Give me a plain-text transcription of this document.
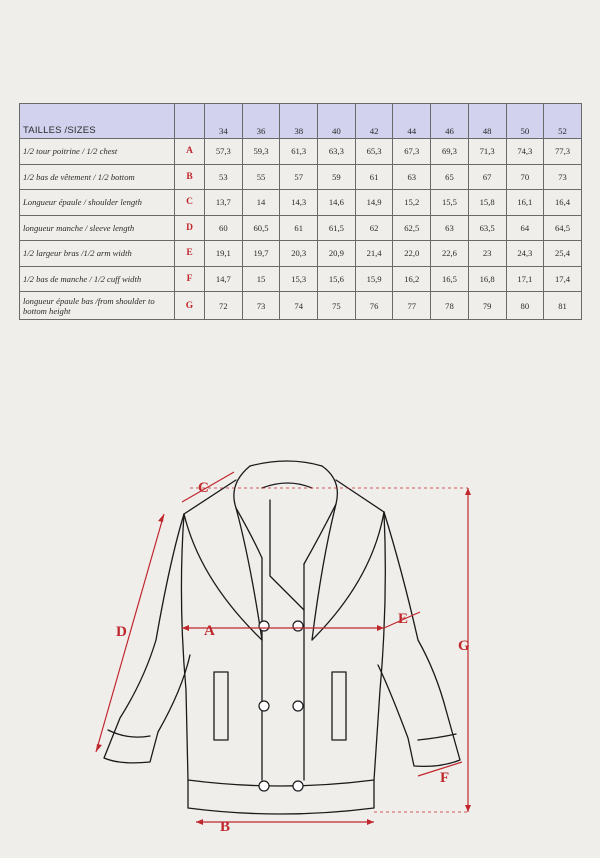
TAILLES /SIZES		34	36	38	40	42	44	46	48	50	52
1/2 tour poitrine / 1/2 chest	A	57,3	59,3	61,3	63,3	65,3	67,3	69,3	71,3	74,3	77,3
1/2 bas de vêtement / 1/2 bottom	B	53	55	57	59	61	63	65	67	70	73
Longueur épaule / shoulder length	C	13,7	14	14,3	14,6	14,9	15,2	15,5	15,8	16,1	16,4
longueur manche / sleeve length	D	60	60,5	61	61,5	62	62,5	63	63,5	64	64,5
1/2 largeur bras /1/2 arm width	E	19,1	19,7	20,3	20,9	21,4	22,0	22,6	23	24,3	25,4
1/2 bas de manche / 1/2 cuff width	F	14,7	15	15,3	15,6	15,9	16,2	16,5	16,8	17,1	17,4
longueur épaule bas /from shoulder to bottom height	G	72	73	74	75	76	77	78	79	80	81
A
B
C
D
E
F
G
